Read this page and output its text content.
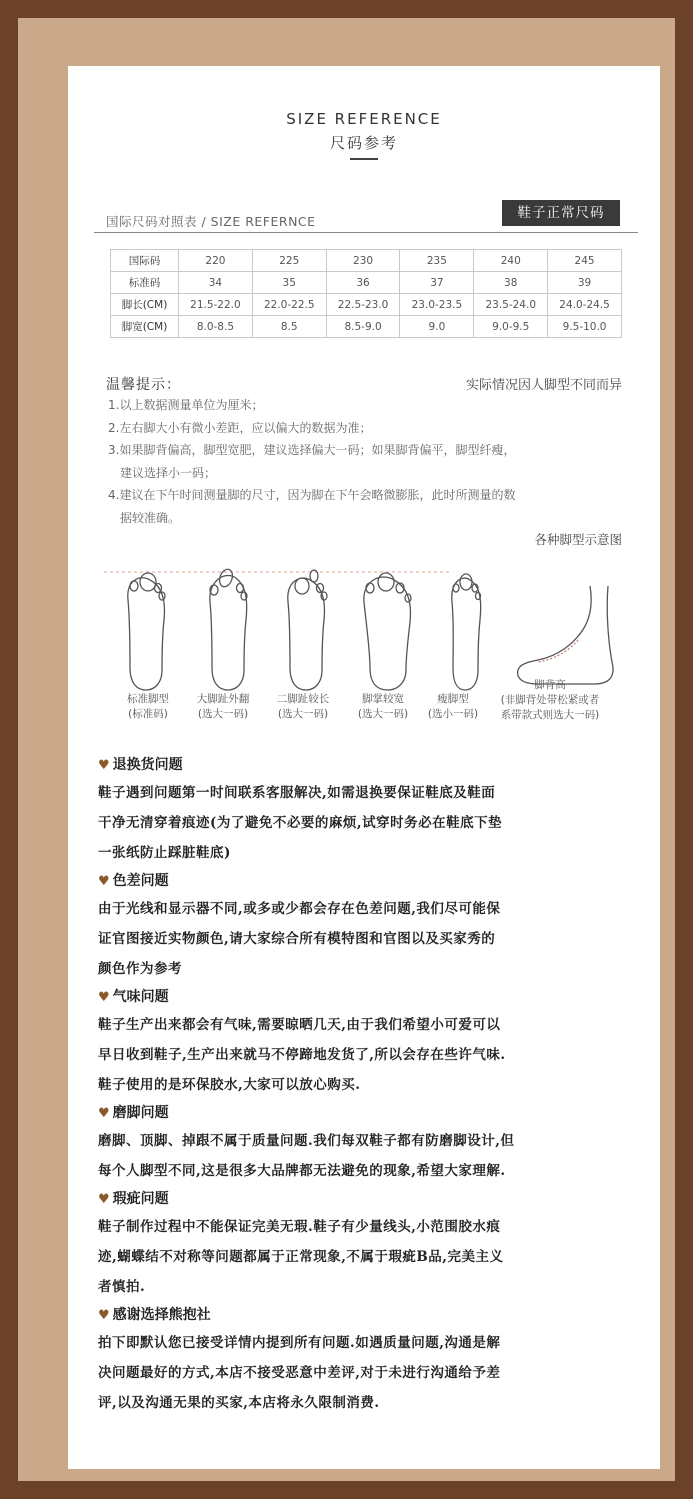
SIZE REFERENCE
尺码参考
国际尺码对照表 / SIZE REFERNCE
鞋子正常尺码
国际码	220	225	230	235	240	245
标准码	34	35	36	37	38	39
脚长(CM)	21.5-22.0	22.0-22.5	22.5-23.0	23.0-23.5	23.5-24.0	24.0-24.5
脚宽(CM)	8.0-8.5	8.5	8.5-9.0	9.0	9.0-9.5	9.5-10.0
温馨提示：	实际情况因人脚型不同而异

1.以上数据测量单位为厘米；

2.左右脚大小有微小差距，应以偏大的数据为准；

3.如果脚背偏高，脚型宽肥，建议选择偏大一码；如果脚背偏平，脚型纤瘦，

建议选择小一码；

4.建议在下午时间测量脚的尺寸，因为脚在下午会略微膨胀，此时所测量的数

据较准确。

各种脚型示意图
标准脚型
(标准码)
大脚趾外翻
(选大一码)
二脚趾较长
(选大一码)
脚掌较宽
(选大一码)
瘦脚型
(选小一码)
脚背高
(非脚背处带松紧或者
系带款式则选大一码)
♥ 退换货问题

鞋子遇到问题第一时间联系客服解决,如需退换要保证鞋底及鞋面

干净无清穿着痕迹(为了避免不必要的麻烦,试穿时务必在鞋底下垫

一张纸防止踩脏鞋底)

♥ 色差问题

由于光线和显示器不同,或多或少都会存在色差问题,我们尽可能保

证官图接近实物颜色,请大家综合所有模特图和官图以及买家秀的

颜色作为参考

♥ 气味问题

鞋子生产出来都会有气味,需要晾晒几天,由于我们希望小可爱可以

早日收到鞋子,生产出来就马不停蹄地发货了,所以会存在些许气味.

鞋子使用的是环保胶水,大家可以放心购买.

♥ 磨脚问题

磨脚、顶脚、掉跟不属于质量问题.我们每双鞋子都有防磨脚设计,但

每个人脚型不同,这是很多大品牌都无法避免的现象,希望大家理解.

♥ 瑕疵问题

鞋子制作过程中不能保证完美无瑕.鞋子有少量线头,小范围胶水痕

迹,蝴蝶结不对称等问题都属于正常现象,不属于瑕疵B品,完美主义

者慎拍.

♥ 感谢选择熊抱社

拍下即默认您已接受详情内提到所有问题.如遇质量问题,沟通是解

决问题最好的方式,本店不接受恶意中差评,对于未进行沟通给予差

评,以及沟通无果的买家,本店将永久限制消费.
